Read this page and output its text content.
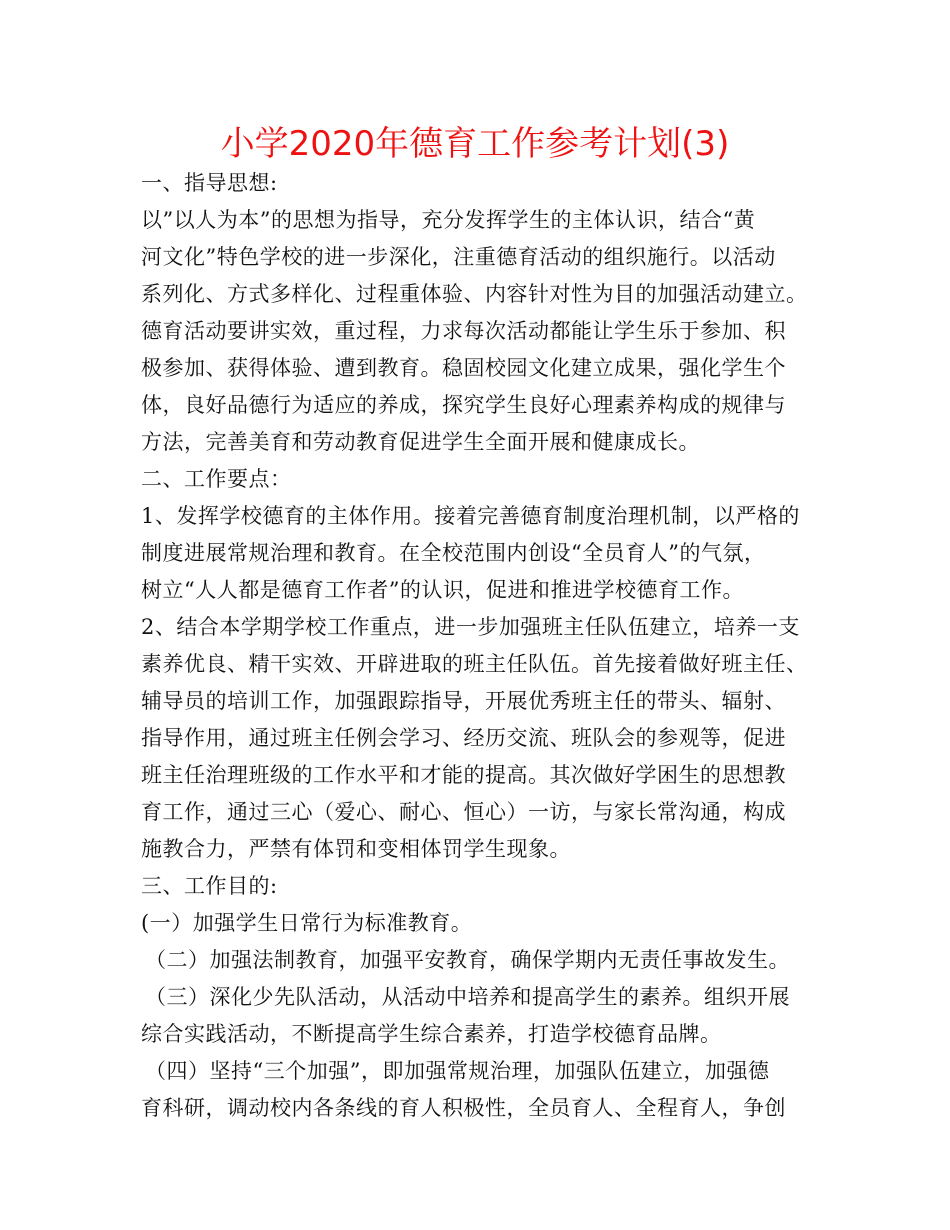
小学2020年德育工作参考计划(3)
一、指导思想:
以”以人为本”的思想为指导，充分发挥学生的主体认识，结合“黄
河文化”特色学校的进一步深化，注重德育活动的组织施行。以活动
系列化、方式多样化、过程重体验、内容针对性为目的加强活动建立。
德育活动要讲实效，重过程，力求每次活动都能让学生乐于参加、积
极参加、获得体验、遭到教育。稳固校园文化建立成果，强化学生个
体，良好品德行为适应的养成，探究学生良好心理素养构成的规律与
方法，完善美育和劳动教育促进学生全面开展和健康成长。
二、工作要点：
1、发挥学校德育的主体作用。接着完善德育制度治理机制，以严格的
制度进展常规治理和教育。在全校范围内创设“全员育人”的气氛，
树立“人人都是德育工作者”的认识，促进和推进学校德育工作。
2、结合本学期学校工作重点，进一步加强班主任队伍建立，培养一支
素养优良、精干实效、开辟进取的班主任队伍。首先接着做好班主任、
辅导员的培训工作，加强跟踪指导，开展优秀班主任的带头、辐射、
指导作用，通过班主任例会学习、经历交流、班队会的参观等，促进
班主任治理班级的工作水平和才能的提高。其次做好学困生的思想教
育工作，通过三心（爱心、耐心、恒心）一访，与家长常沟通，构成
施教合力，严禁有体罚和变相体罚学生现象。
三、工作目的:
(一）加强学生日常行为标准教育。
（二）加强法制教育，加强平安教育，确保学期内无责任事故发生。
（三）深化少先队活动，从活动中培养和提高学生的素养。组织开展
综合实践活动，不断提高学生综合素养，打造学校德育品牌。
（四）坚持“三个加强”，即加强常规治理，加强队伍建立，加强德
育科研，调动校内各条线的育人积极性，全员育人、全程育人，争创
